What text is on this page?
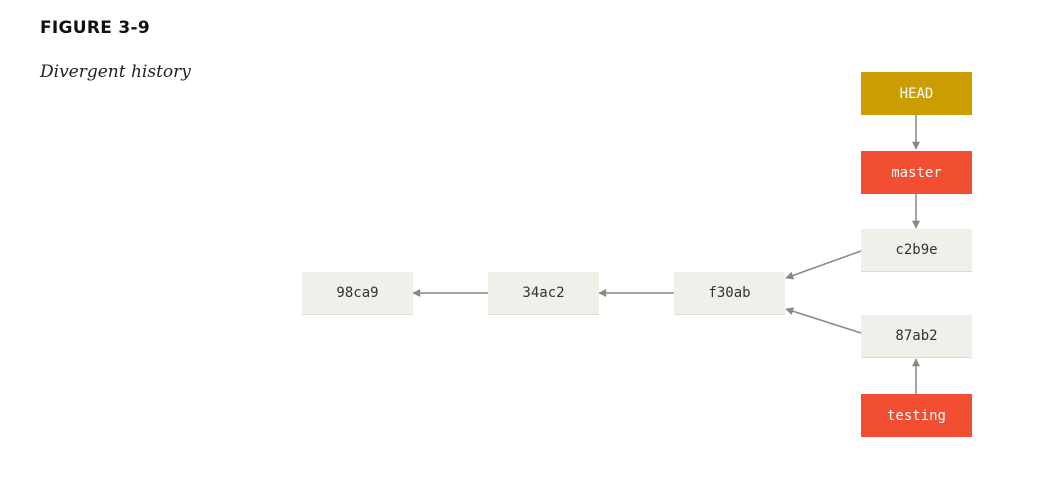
FIGURE 3-9
Divergent history
HEAD
master
c2b9e
98ca9	34ac2	f30ab
87ab2
testing
